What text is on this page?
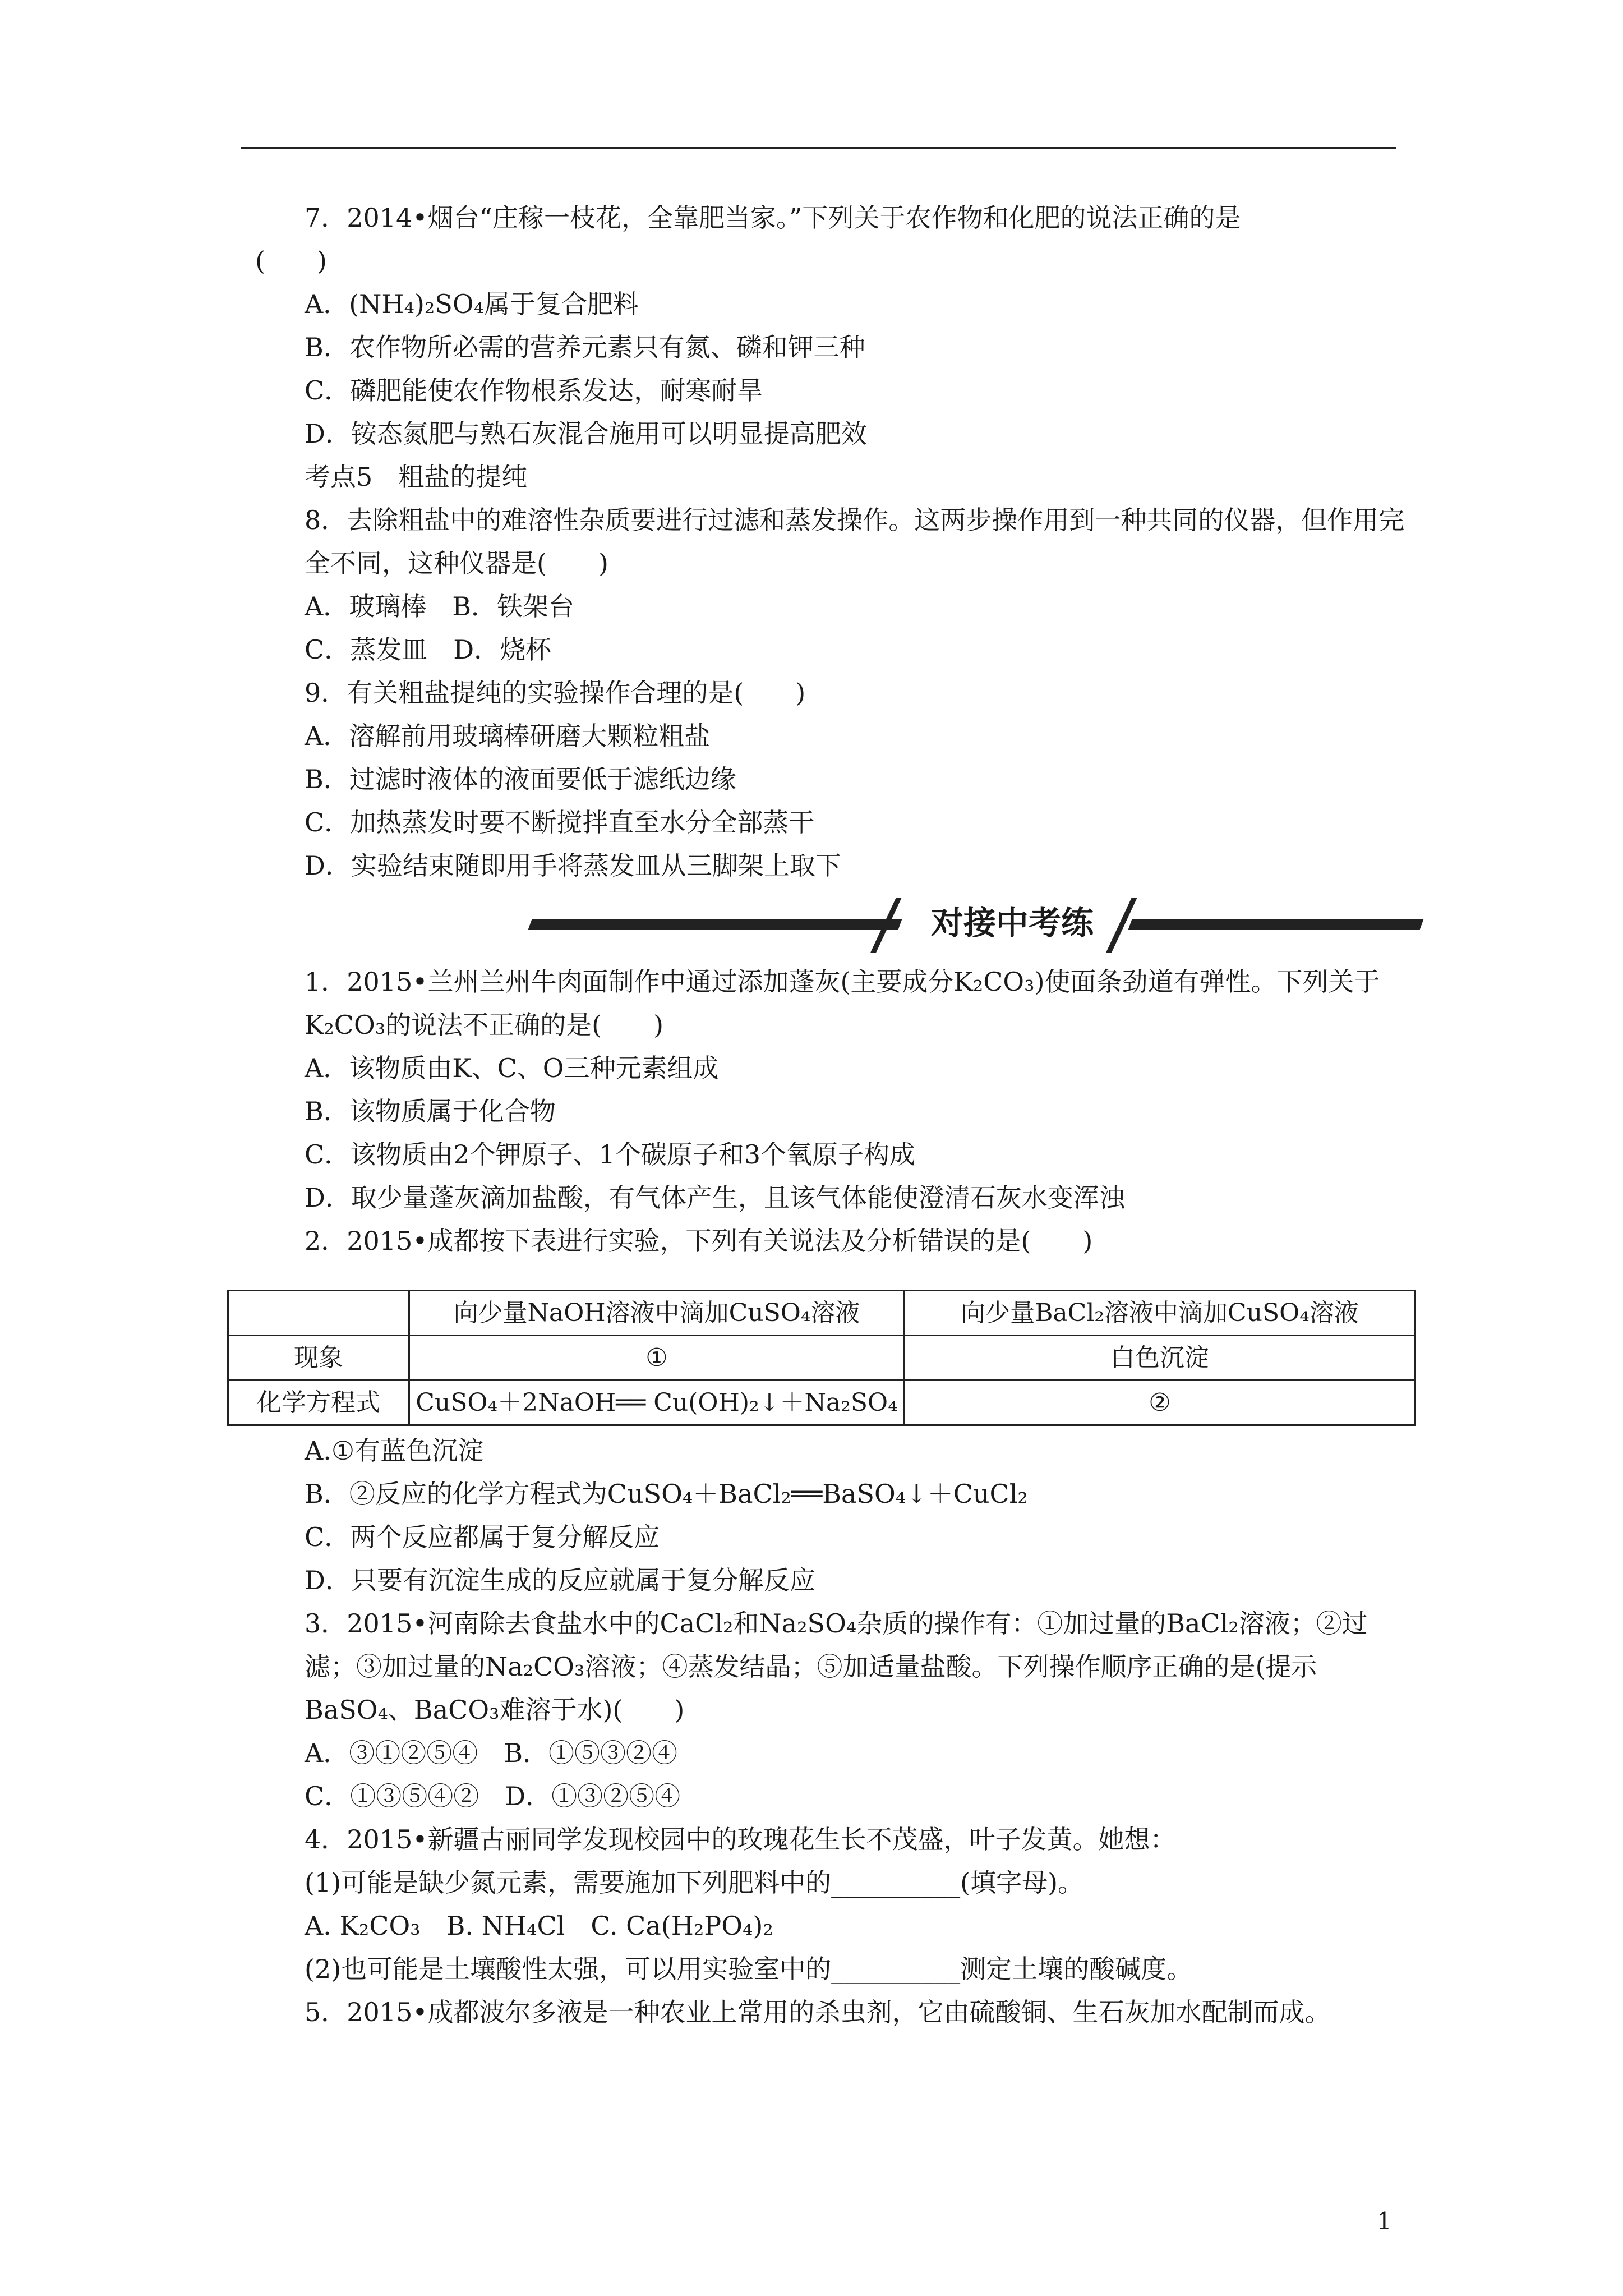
7．2014•烟台“庄稼一枝花，全靠肥当家。”下列关于农作物和化肥的说法正确的是
(　　)
A．(NH₄)₂SO₄属于复合肥料
B．农作物所必需的营养元素只有氮、磷和钾三种
C．磷肥能使农作物根系发达，耐寒耐旱
D．铵态氮肥与熟石灰混合施用可以明显提高肥效
考点5　粗盐的提纯
8．去除粗盐中的难溶性杂质要进行过滤和蒸发操作。这两步操作用到一种共同的仪器，但作用完全不同，这种仪器是(　　)
A．玻璃棒　B．铁架台
C．蒸发皿　D．烧杯
9．有关粗盐提纯的实验操作合理的是(　　)
A．溶解前用玻璃棒研磨大颗粒粗盐
B．过滤时液体的液面要低于滤纸边缘
C．加热蒸发时要不断搅拌直至水分全部蒸干
D．实验结束随即用手将蒸发皿从三脚架上取下
对接中考练
1．2015•兰州兰州牛肉面制作中通过添加蓬灰(主要成分K₂CO₃)使面条劲道有弹性。下列关于K₂CO₃的说法不正确的是(　　)
A．该物质由K、C、O三种元素组成
B．该物质属于化合物
C．该物质由2个钾原子、1个碳原子和3个氧原子构成
D．取少量蓬灰滴加盐酸，有气体产生，且该气体能使澄清石灰水变浑浊
2．2015•成都按下表进行实验，下列有关说法及分析错误的是(　　)
	向少量NaOH溶液中滴加CuSO₄溶液	向少量BaCl₂溶液中滴加CuSO₄溶液
现象	①	白色沉淀
化学方程式	CuSO₄＋2NaOH══ Cu(OH)₂↓＋Na₂SO₄	②
A.①有蓝色沉淀
B．②反应的化学方程式为CuSO₄＋BaCl₂══BaSO₄↓＋CuCl₂
C．两个反应都属于复分解反应
D．只要有沉淀生成的反应就属于复分解反应
3．2015•河南除去食盐水中的CaCl₂和Na₂SO₄杂质的操作有：①加过量的BaCl₂溶液；②过滤；③加过量的Na₂CO₃溶液；④蒸发结晶；⑤加适量盐酸。下列操作顺序正确的是(提示BaSO₄、BaCO₃难溶于水)(　　)
A．③①②⑤④　B．①⑤③②④
C．①③⑤④②　D．①③②⑤④
4．2015•新疆古丽同学发现校园中的玫瑰花生长不茂盛，叶子发黄。她想：
(1)可能是缺少氮元素，需要施加下列肥料中的__________(填字母)。
A. K₂CO₃　B. NH₄Cl　C. Ca(H₂PO₄)₂
(2)也可能是土壤酸性太强，可以用实验室中的__________测定土壤的酸碱度。
5．2015•成都波尔多液是一种农业上常用的杀虫剂，它由硫酸铜、生石灰加水配制而成。
1
